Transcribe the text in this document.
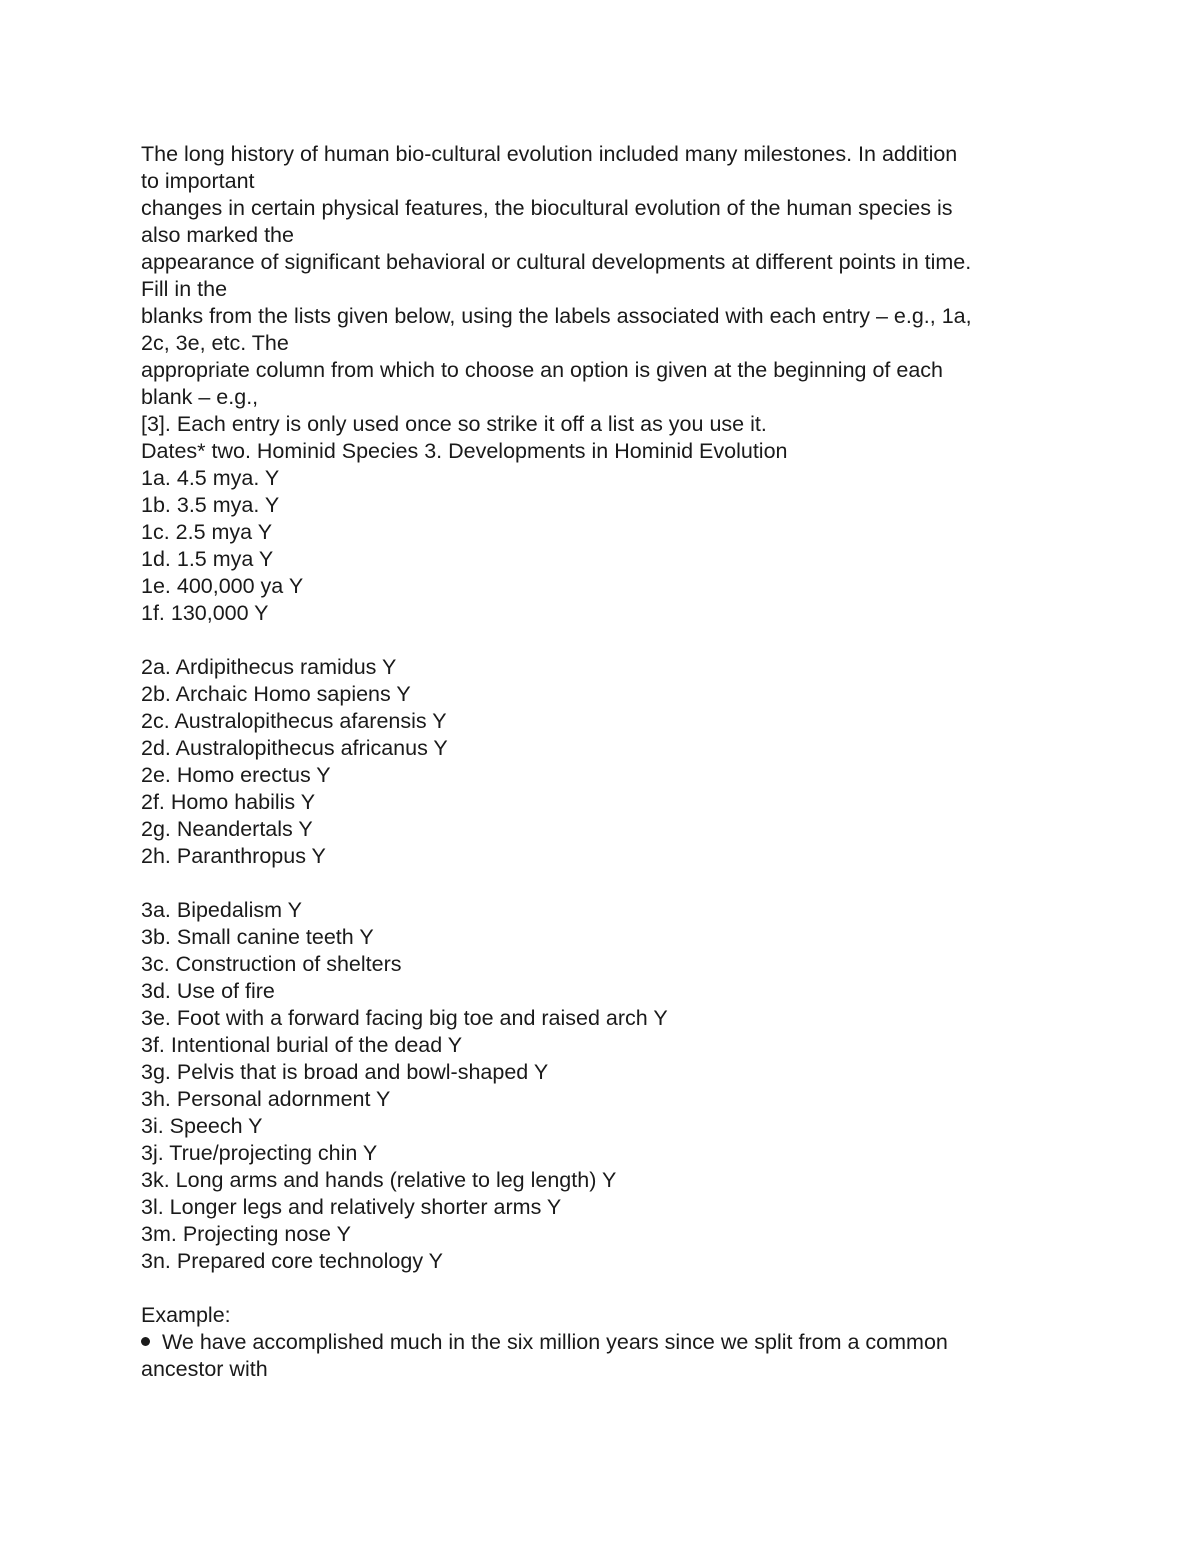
The long history of human bio-cultural evolution included many milestones. In addition
to important
changes in certain physical features, the biocultural evolution of the human species is
also marked the
appearance of significant behavioral or cultural developments at different points in time.
Fill in the
blanks from the lists given below, using the labels associated with each entry – e.g., 1a,
2c, 3e, etc. The
appropriate column from which to choose an option is given at the beginning of each
blank – e.g.,
[3]. Each entry is only used once so strike it off a list as you use it.
Dates* two. Hominid Species 3. Developments in Hominid Evolution
1a. 4.5 mya. Y
1b. 3.5 mya. Y
1c. 2.5 mya Y
1d. 1.5 mya Y
1e. 400,000 ya Y
1f. 130,000 Y
2a. Ardipithecus ramidus Y
2b. Archaic Homo sapiens Y
2c. Australopithecus afarensis Y
2d. Australopithecus africanus Y
2e. Homo erectus Y
2f. Homo habilis Y
2g. Neandertals Y
2h. Paranthropus Y
3a. Bipedalism Y
3b. Small canine teeth Y
3c. Construction of shelters
3d. Use of fire
3e. Foot with a forward facing big toe and raised arch Y
3f. Intentional burial of the dead Y
3g. Pelvis that is broad and bowl-shaped Y
3h. Personal adornment Y
3i. Speech Y
3j. True/projecting chin Y
3k. Long arms and hands (relative to leg length) Y
3l. Longer legs and relatively shorter arms Y
3m. Projecting nose Y
3n. Prepared core technology Y
Example:
We have accomplished much in the six million years since we split from a common
ancestor with
